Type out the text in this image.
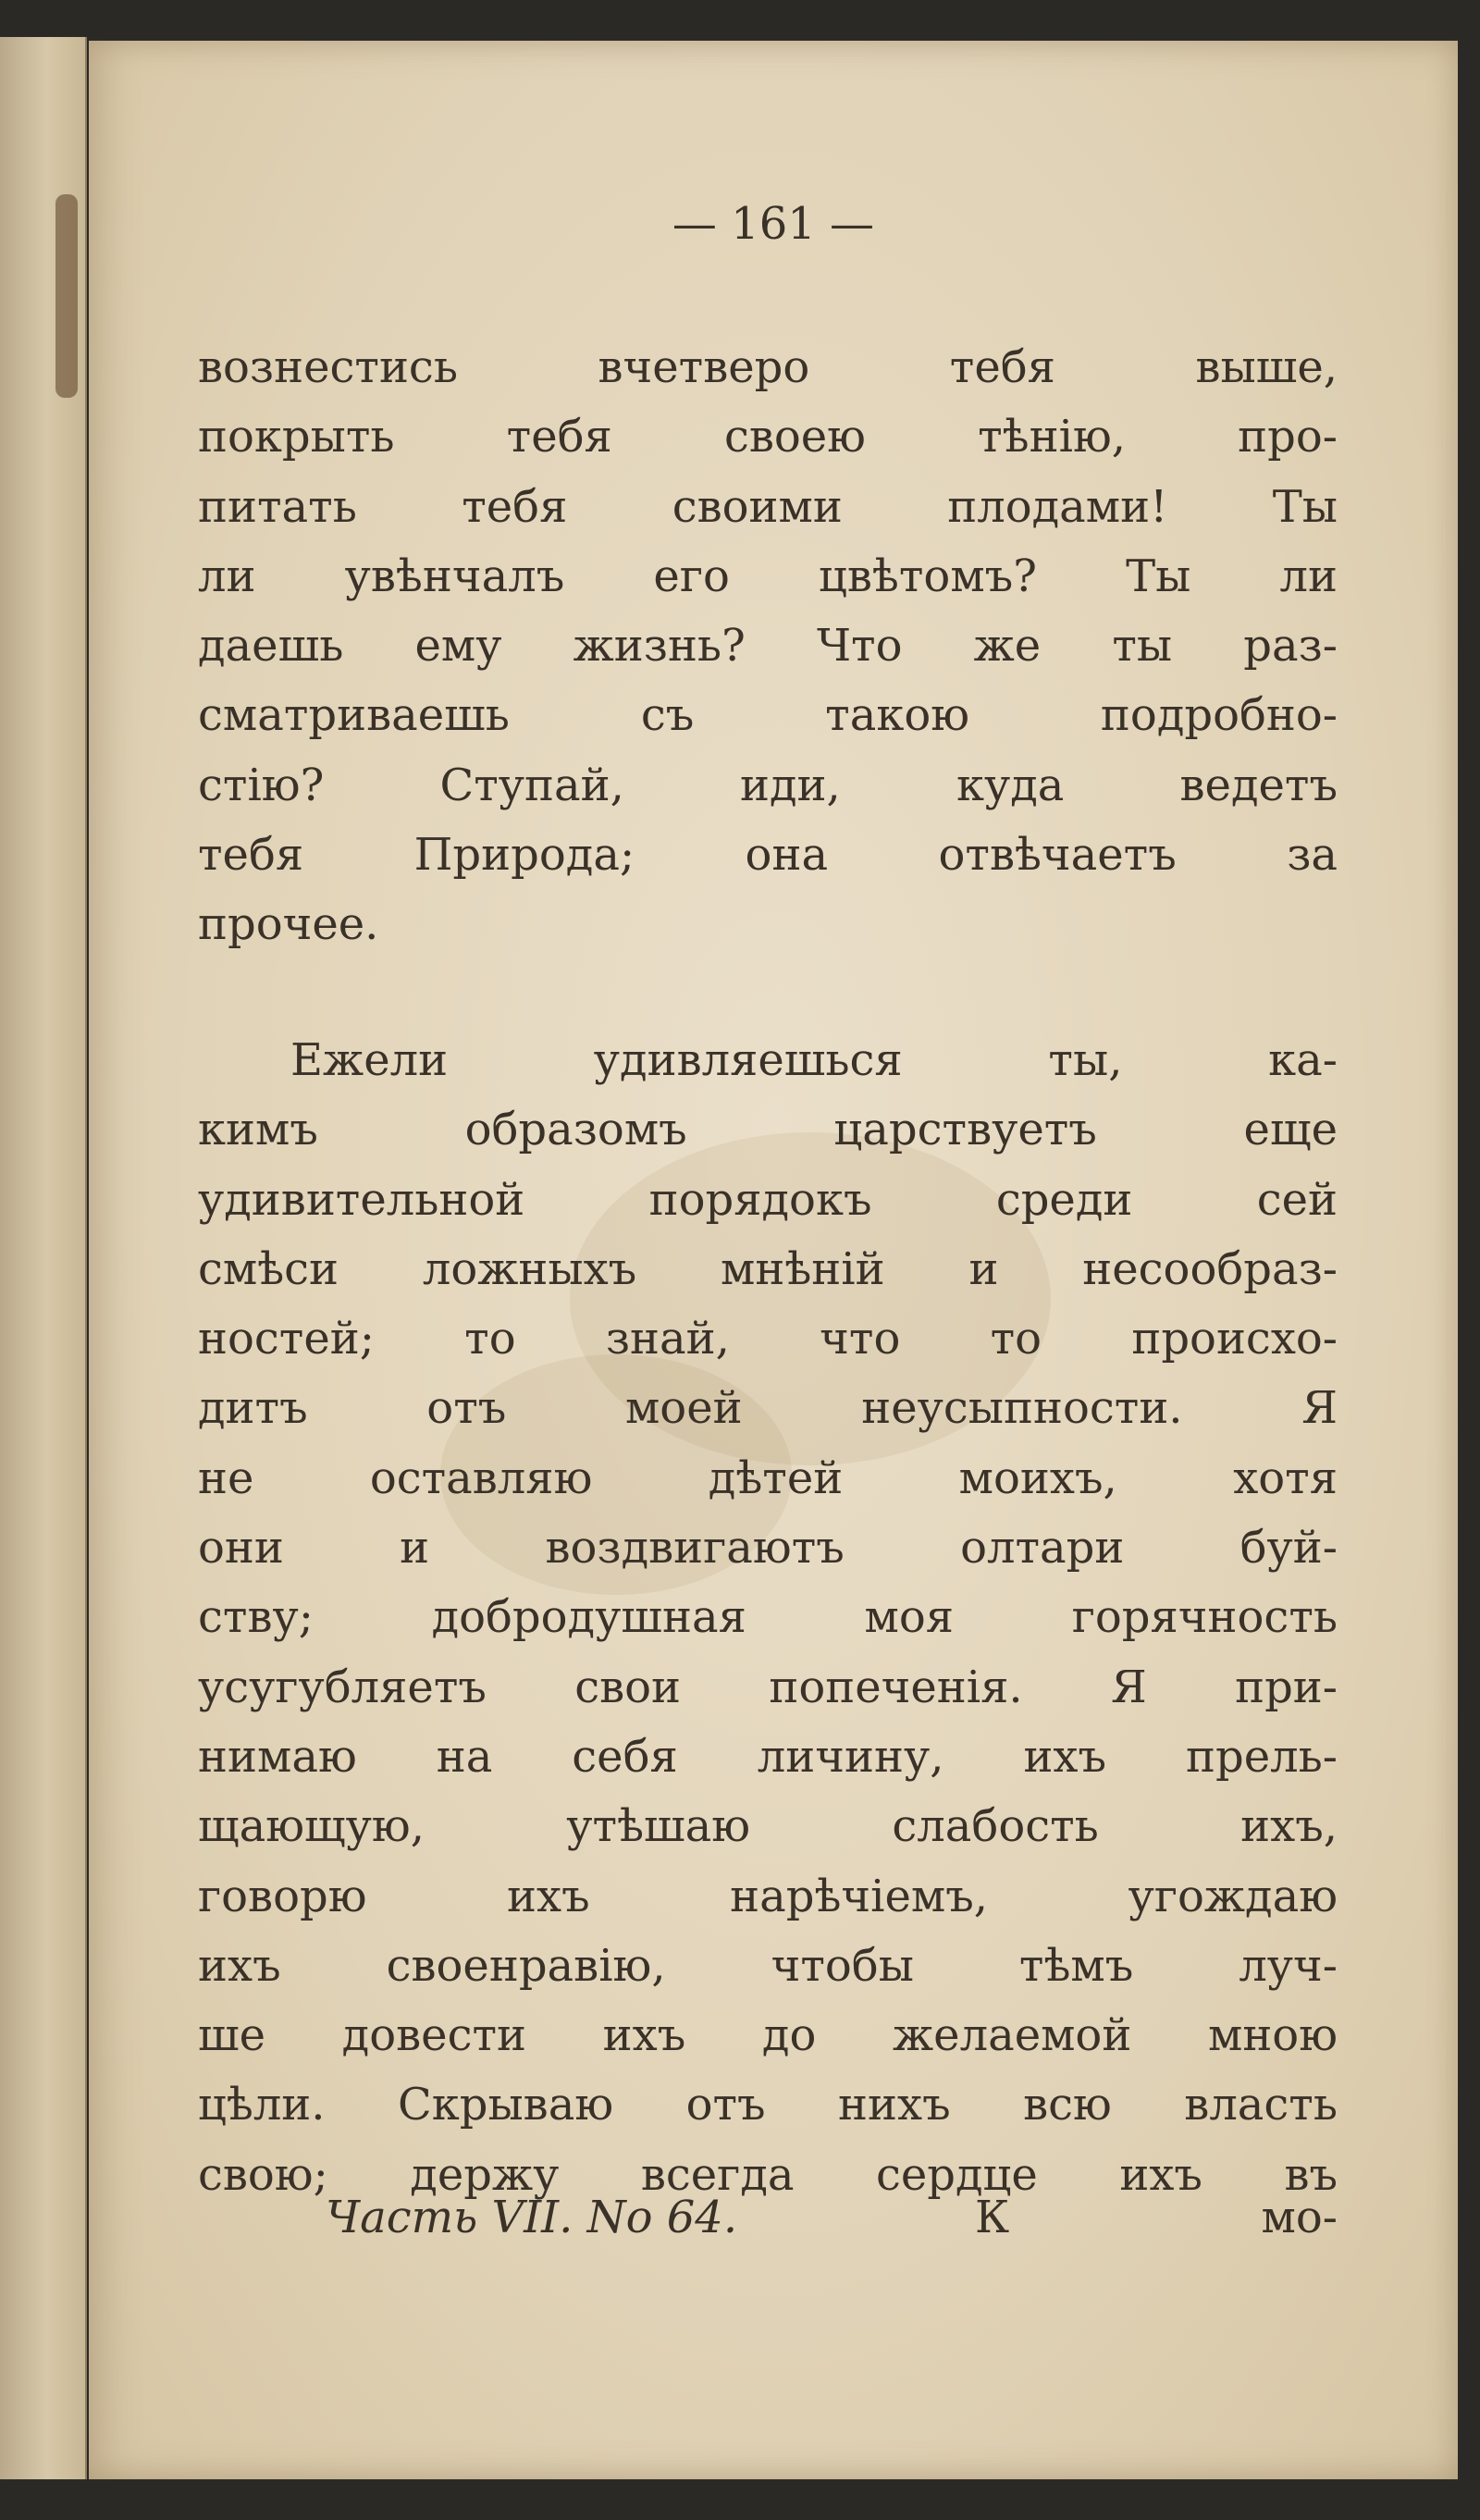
— 161 —
вознестись вчетверо тебя выше,
покрыть тебя своею тѣнію, про-
питать тебя своими плодами! Ты
ли увѣнчалъ его цвѣтомъ? Ты ли
даешь ему жизнь? Что же ты раз-
сматриваешь съ такою подробно-
стію? Ступай, иди, куда ведетъ
тебя Природа; она отвѣчаетъ за
прочее.
Ежели удивляешься ты, ка-
кимъ образомъ царствуетъ еще
удивительной порядокъ среди сей
смѣси ложныхъ мнѣній и несообраз-
ностей; то знай, что то происхо-
дитъ отъ моей неусыпности. Я
не оставляю дѣтей моихъ, хотя
они и воздвигаютъ олтари буй-
ству; добродушная моя горячность
усугубляетъ свои попеченія. Я при-
нимаю на себя личину, ихъ прель-
щающую, утѣшаю слабость ихъ,
говорю ихъ нарѣчіемъ, угождаю
ихъ своенравію, чтобы тѣмъ луч-
ше довести ихъ до желаемой мною
цѣли. Скрываю отъ нихъ всю власть
свою; держу всегда сердце ихъ въ
Часть VII. No 64.	К	мо-
